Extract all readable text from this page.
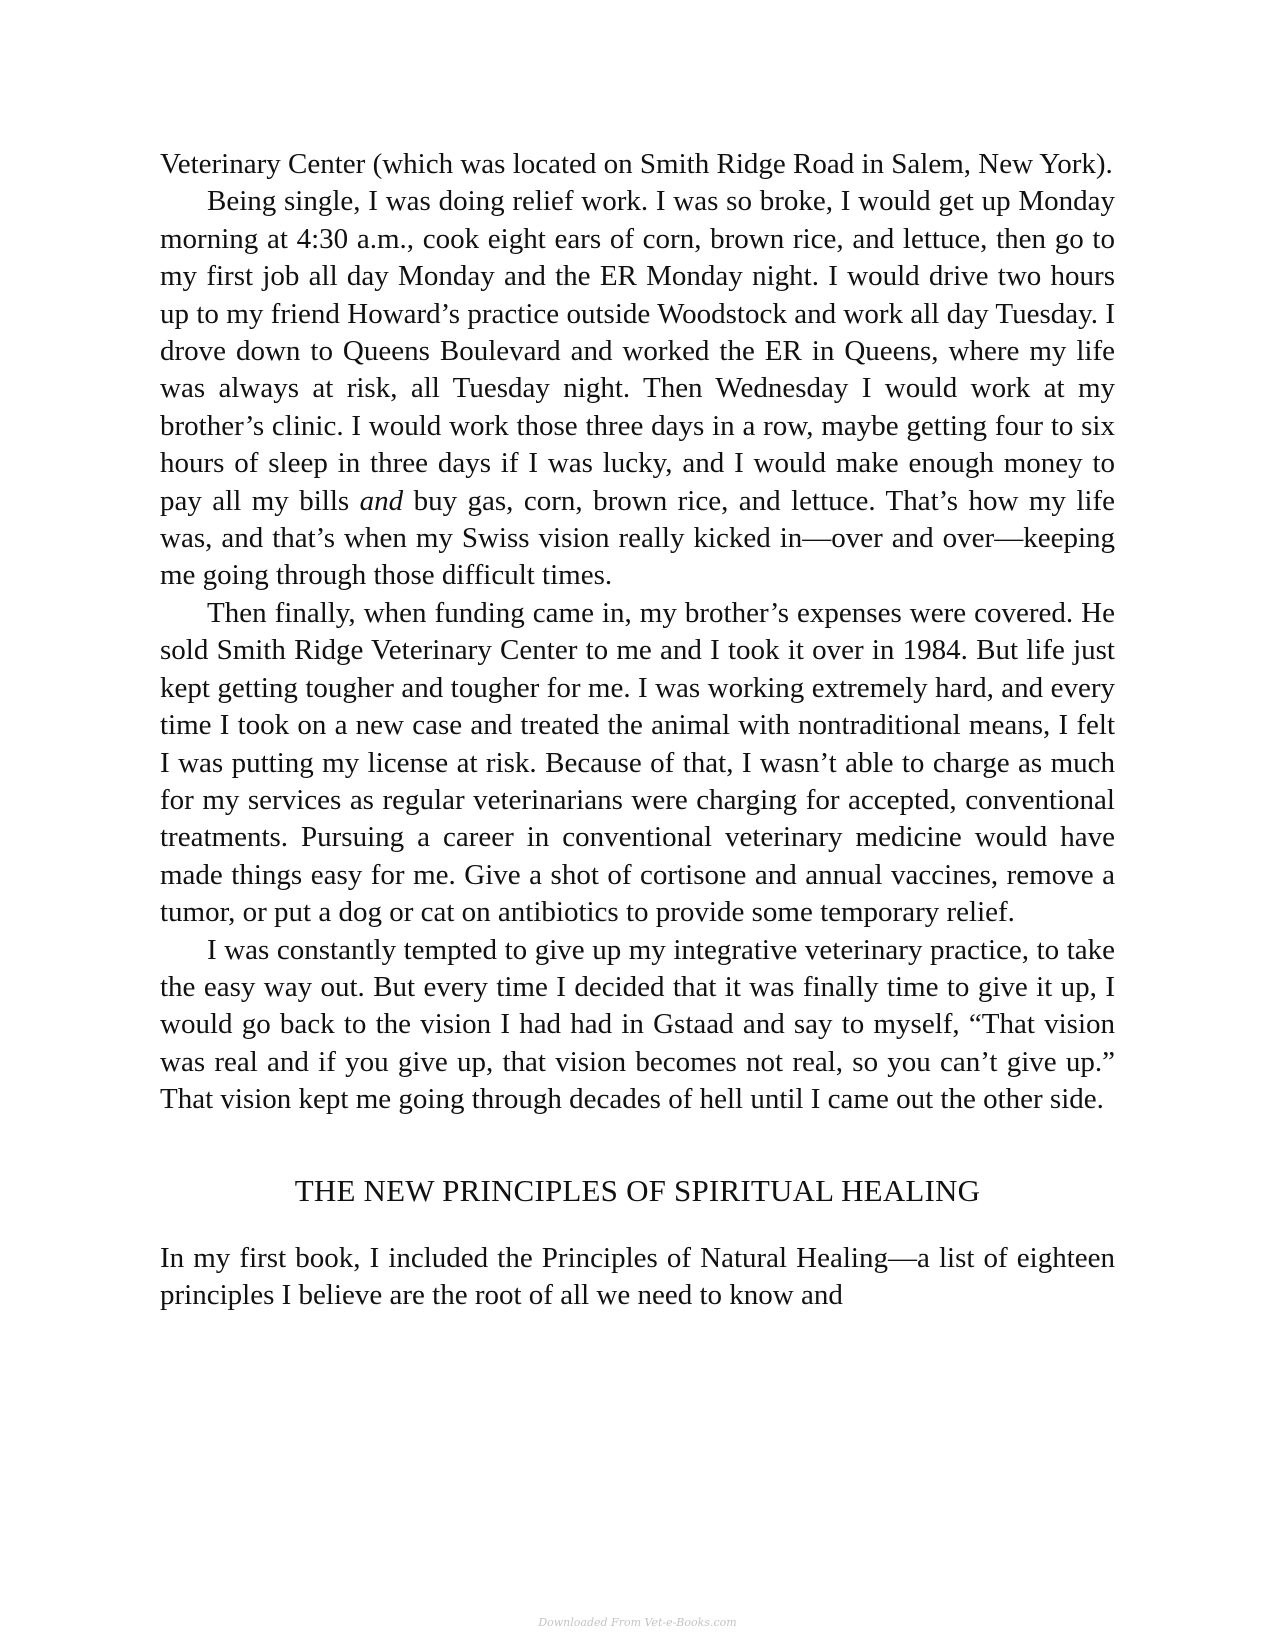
Veterinary Center (which was located on Smith Ridge Road in Salem, New York).

Being single, I was doing relief work. I was so broke, I would get up Monday morning at 4:30 a.m., cook eight ears of corn, brown rice, and lettuce, then go to my first job all day Monday and the ER Monday night. I would drive two hours up to my friend Howard’s practice outside Woodstock and work all day Tuesday. I drove down to Queens Boulevard and worked the ER in Queens, where my life was always at risk, all Tuesday night. Then Wednesday I would work at my brother’s clinic. I would work those three days in a row, maybe getting four to six hours of sleep in three days if I was lucky, and I would make enough money to pay all my bills and buy gas, corn, brown rice, and lettuce. That’s how my life was, and that’s when my Swiss vision really kicked in—over and over—keeping me going through those difficult times.

Then finally, when funding came in, my brother’s expenses were covered. He sold Smith Ridge Veterinary Center to me and I took it over in 1984. But life just kept getting tougher and tougher for me. I was working extremely hard, and every time I took on a new case and treated the animal with nontraditional means, I felt I was putting my license at risk. Because of that, I wasn’t able to charge as much for my services as regular veterinarians were charging for accepted, conventional treatments. Pursuing a career in conventional veterinary medicine would have made things easy for me. Give a shot of cortisone and annual vaccines, remove a tumor, or put a dog or cat on antibiotics to provide some temporary relief.

I was constantly tempted to give up my integrative veterinary practice, to take the easy way out. But every time I decided that it was finally time to give it up, I would go back to the vision I had had in Gstaad and say to myself, “That vision was real and if you give up, that vision becomes not real, so you can’t give up.” That vision kept me going through decades of hell until I came out the other side.

THE NEW PRINCIPLES OF SPIRITUAL HEALING

In my first book, I included the Principles of Natural Healing—a list of eighteen principles I believe are the root of all we need to know and

Downloaded From Vet-e-Books.com
